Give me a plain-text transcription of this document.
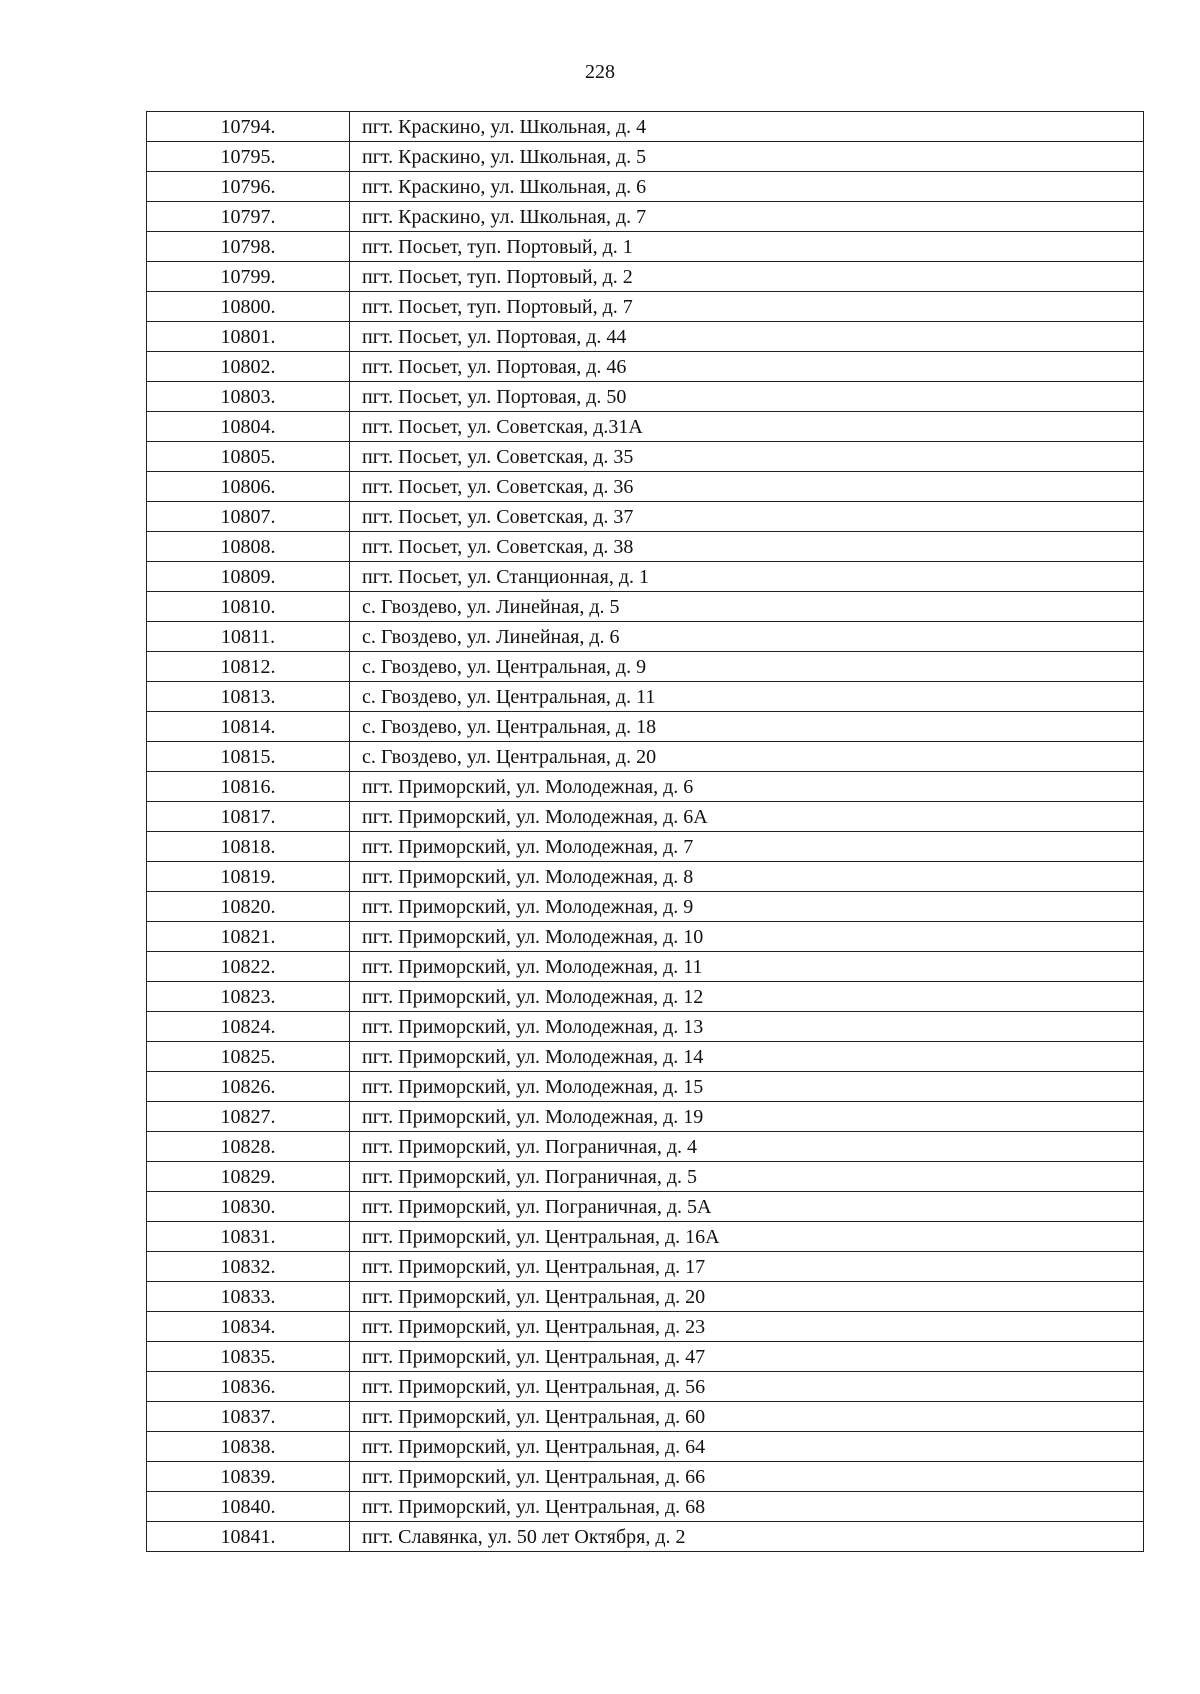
228
10794.	пгт. Краскино, ул. Школьная, д. 4
10795.	пгт. Краскино, ул. Школьная, д. 5
10796.	пгт. Краскино, ул. Школьная, д. 6
10797.	пгт. Краскино, ул. Школьная, д. 7
10798.	пгт. Посьет, туп. Портовый, д. 1
10799.	пгт. Посьет, туп. Портовый, д. 2
10800.	пгт. Посьет, туп. Портовый, д. 7
10801.	пгт. Посьет, ул. Портовая, д. 44
10802.	пгт. Посьет, ул. Портовая, д. 46
10803.	пгт. Посьет, ул. Портовая, д. 50
10804.	пгт. Посьет, ул. Советская, д.31А
10805.	пгт. Посьет, ул. Советская, д. 35
10806.	пгт. Посьет, ул. Советская, д. 36
10807.	пгт. Посьет, ул. Советская, д. 37
10808.	пгт. Посьет, ул. Советская, д. 38
10809.	пгт. Посьет, ул. Станционная, д. 1
10810.	с. Гвоздево, ул. Линейная, д. 5
10811.	с. Гвоздево, ул. Линейная, д. 6
10812.	с. Гвоздево, ул. Центральная, д. 9
10813.	с. Гвоздево, ул. Центральная, д. 11
10814.	с. Гвоздево, ул. Центральная, д. 18
10815.	с. Гвоздево, ул. Центральная, д. 20
10816.	пгт. Приморский, ул. Молодежная, д. 6
10817.	пгт. Приморский, ул. Молодежная, д. 6А
10818.	пгт. Приморский, ул. Молодежная, д. 7
10819.	пгт. Приморский, ул. Молодежная, д. 8
10820.	пгт. Приморский, ул. Молодежная, д. 9
10821.	пгт. Приморский, ул. Молодежная, д. 10
10822.	пгт. Приморский, ул. Молодежная, д. 11
10823.	пгт. Приморский, ул. Молодежная, д. 12
10824.	пгт. Приморский, ул. Молодежная, д. 13
10825.	пгт. Приморский, ул. Молодежная, д. 14
10826.	пгт. Приморский, ул. Молодежная, д. 15
10827.	пгт. Приморский, ул. Молодежная, д. 19
10828.	пгт. Приморский, ул. Пограничная, д. 4
10829.	пгт. Приморский, ул. Пограничная, д. 5
10830.	пгт. Приморский, ул. Пограничная, д. 5А
10831.	пгт. Приморский, ул. Центральная, д. 16А
10832.	пгт. Приморский, ул. Центральная, д. 17
10833.	пгт. Приморский, ул. Центральная, д. 20
10834.	пгт. Приморский, ул. Центральная, д. 23
10835.	пгт. Приморский, ул. Центральная, д. 47
10836.	пгт. Приморский, ул. Центральная, д. 56
10837.	пгт. Приморский, ул. Центральная, д. 60
10838.	пгт. Приморский, ул. Центральная, д. 64
10839.	пгт. Приморский, ул. Центральная, д. 66
10840.	пгт. Приморский, ул. Центральная, д. 68
10841.	пгт. Славянка, ул. 50 лет Октября, д. 2
